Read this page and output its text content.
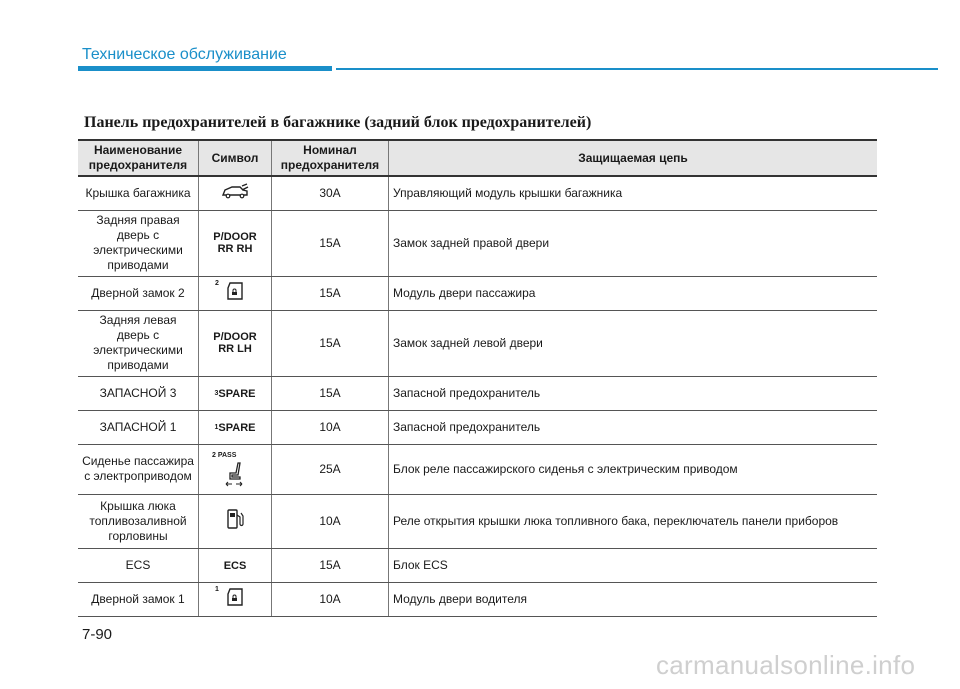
Техническое обслуживание
Панель предохранителей в багажнике (задний блок предохранителей)
Наименование предохранителя	Символ	Номинал предохранителя	Защищаемая цепь
Крышка багажника		30A	Управляющий модуль крышки багажника
Задняя правая дверь с электрическими приводами	P/DOOR RR RH	15A	Замок задней правой двери
Дверной замок 2	2	15A	Модуль двери пассажира
Задняя левая дверь с электрическими приводами	P/DOOR RR LH	15A	Замок задней левой двери
ЗАПАСНОЙ 3	$^3$SPARE	15A	Запасной предохранитель
ЗАПАСНОЙ 1	$^1$SPARE	10A	Запасной предохранитель
Сиденье пассажира с электроприводом	2 PASS	25A	Блок реле пассажирского сиденья с электрическим приводом
Крышка люка топливозаливной горловины		10A	Реле открытия крышки люка топливного бака, переключатель панели приборов
ECS	ECS	15A	Блок ECS
Дверной замок 1	1	10A	Модуль двери водителя
7-90
carmanualsonline.info
